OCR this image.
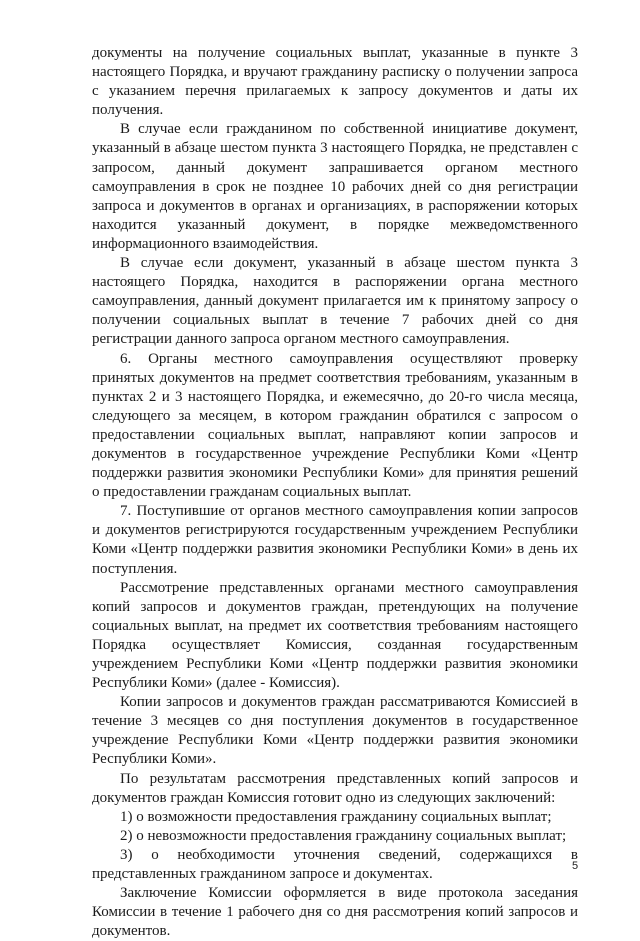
документы на получение социальных выплат, указанные в пункте 3 настоящего Порядка, и вручают гражданину расписку о получении запроса с указанием перечня прилагаемых к запросу документов и даты их получения.

В случае если гражданином по собственной инициативе документ, указанный в абзаце шестом пункта 3 настоящего Порядка, не представлен с запросом, данный документ запрашивается органом местного самоуправления в срок не позднее 10 рабочих дней со дня регистрации запроса и документов в органах и организациях, в распоряжении которых находится указанный документ, в порядке межведомственного информационного взаимодействия.

В случае если документ, указанный в абзаце шестом пункта 3 настоящего Порядка, находится в распоряжении органа местного самоуправления, данный документ прилагается им к принятому запросу о получении социальных выплат в течение 7 рабочих дней со дня регистрации данного запроса органом местного самоуправления.

6. Органы местного самоуправления осуществляют проверку принятых документов на предмет соответствия требованиям, указанным в пунктах 2 и 3 настоящего Порядка, и ежемесячно, до 20-го числа месяца, следующего за месяцем, в котором гражданин обратился с запросом о предоставлении социальных выплат, направляют копии запросов и документов в государственное учреждение Республики Коми «Центр поддержки развития экономики Республики Коми» для принятия решений о предоставлении гражданам социальных выплат.

7. Поступившие от органов местного самоуправления копии запросов и документов регистрируются государственным учреждением Республики Коми «Центр поддержки развития экономики Республики Коми» в день их поступления.

Рассмотрение представленных органами местного самоуправления копий запросов и документов граждан, претендующих на получение социальных выплат, на предмет их соответствия требованиям настоящего Порядка осуществляет Комиссия, созданная государственным учреждением Республики Коми «Центр поддержки развития экономики Республики Коми» (далее - Комиссия).

Копии запросов и документов граждан рассматриваются Комиссией в течение 3 месяцев со дня поступления документов в государственное учреждение Республики Коми «Центр поддержки развития экономики Республики Коми».

По результатам рассмотрения представленных копий запросов и документов граждан Комиссия готовит одно из следующих заключений:

1) о возможности предоставления гражданину социальных выплат;

2) о невозможности предоставления гражданину социальных выплат;

3) о необходимости уточнения сведений, содержащихся в представленных гражданином запросе и документах.

Заключение Комиссии оформляется в виде протокола заседания Комиссии в течение 1 рабочего дня со дня рассмотрения копий запросов и документов.

5
